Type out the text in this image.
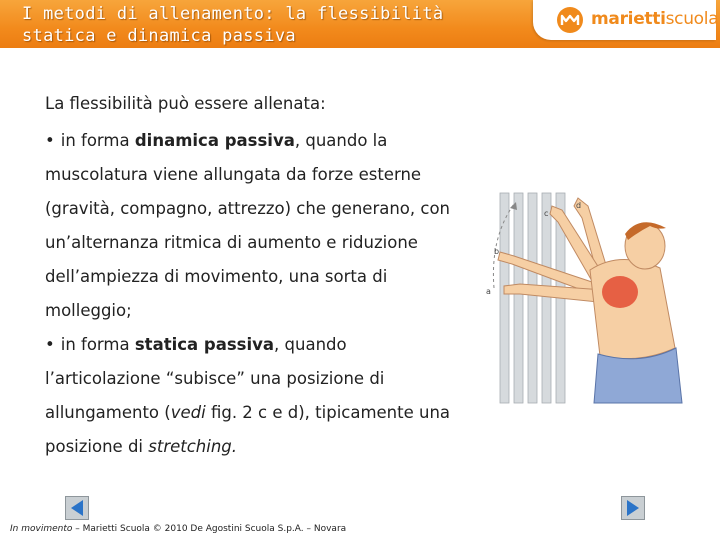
I metodi di allenamento: la flessibilità
statica e dinamica passiva
mariettiscuola
La flessibilità può essere allenata:

• in forma dinamica passiva, quando la muscolatura viene allungata da forze esterne (gravità, compagno, attrezzo) che generano, con un’alternanza ritmica di aumento e riduzione dell’ampiezza di movimento, una sorta di molleggio;

• in forma statica passiva, quando l’articolazione “subisce” una posizione di allungamento (vedi fig. 2 c e d), tipicamente una posizione di stretching.

c
d
b
a
In movimento – Marietti Scuola © 2010 De Agostini Scuola S.p.A. – Novara
